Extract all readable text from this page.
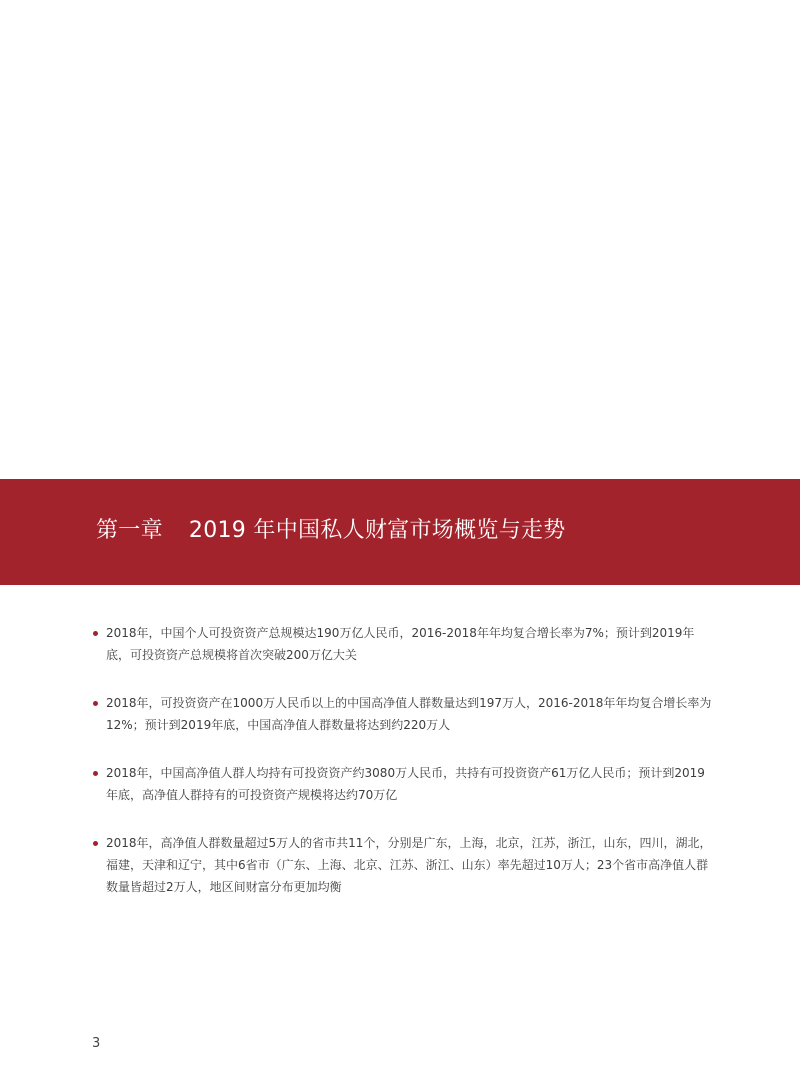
第一章 2019 年中国私人财富市场概览与走势
2018年，中国个人可投资资产总规模达190万亿人民币，2016-2018年年均复合增长率为7%；预计到2019年底，可投资资产总规模将首次突破200万亿大关
2018年，可投资资产在1000万人民币以上的中国高净值人群数量达到197万人，2016-2018年年均复合增长率为12%；预计到2019年底，中国高净值人群数量将达到约220万人
2018年，中国高净值人群人均持有可投资资产约3080万人民币，共持有可投资资产61万亿人民币；预计到2019年底，高净值人群持有的可投资资产规模将达约70万亿
2018年，高净值人群数量超过5万人的省市共11个，分别是广东，上海，北京，江苏，浙江，山东，四川，湖北，福建，天津和辽宁，其中6省市（广东、上海、北京、江苏、浙江、山东）率先超过10万人；23个省市高净值人群数量皆超过2万人，地区间财富分布更加均衡
3
